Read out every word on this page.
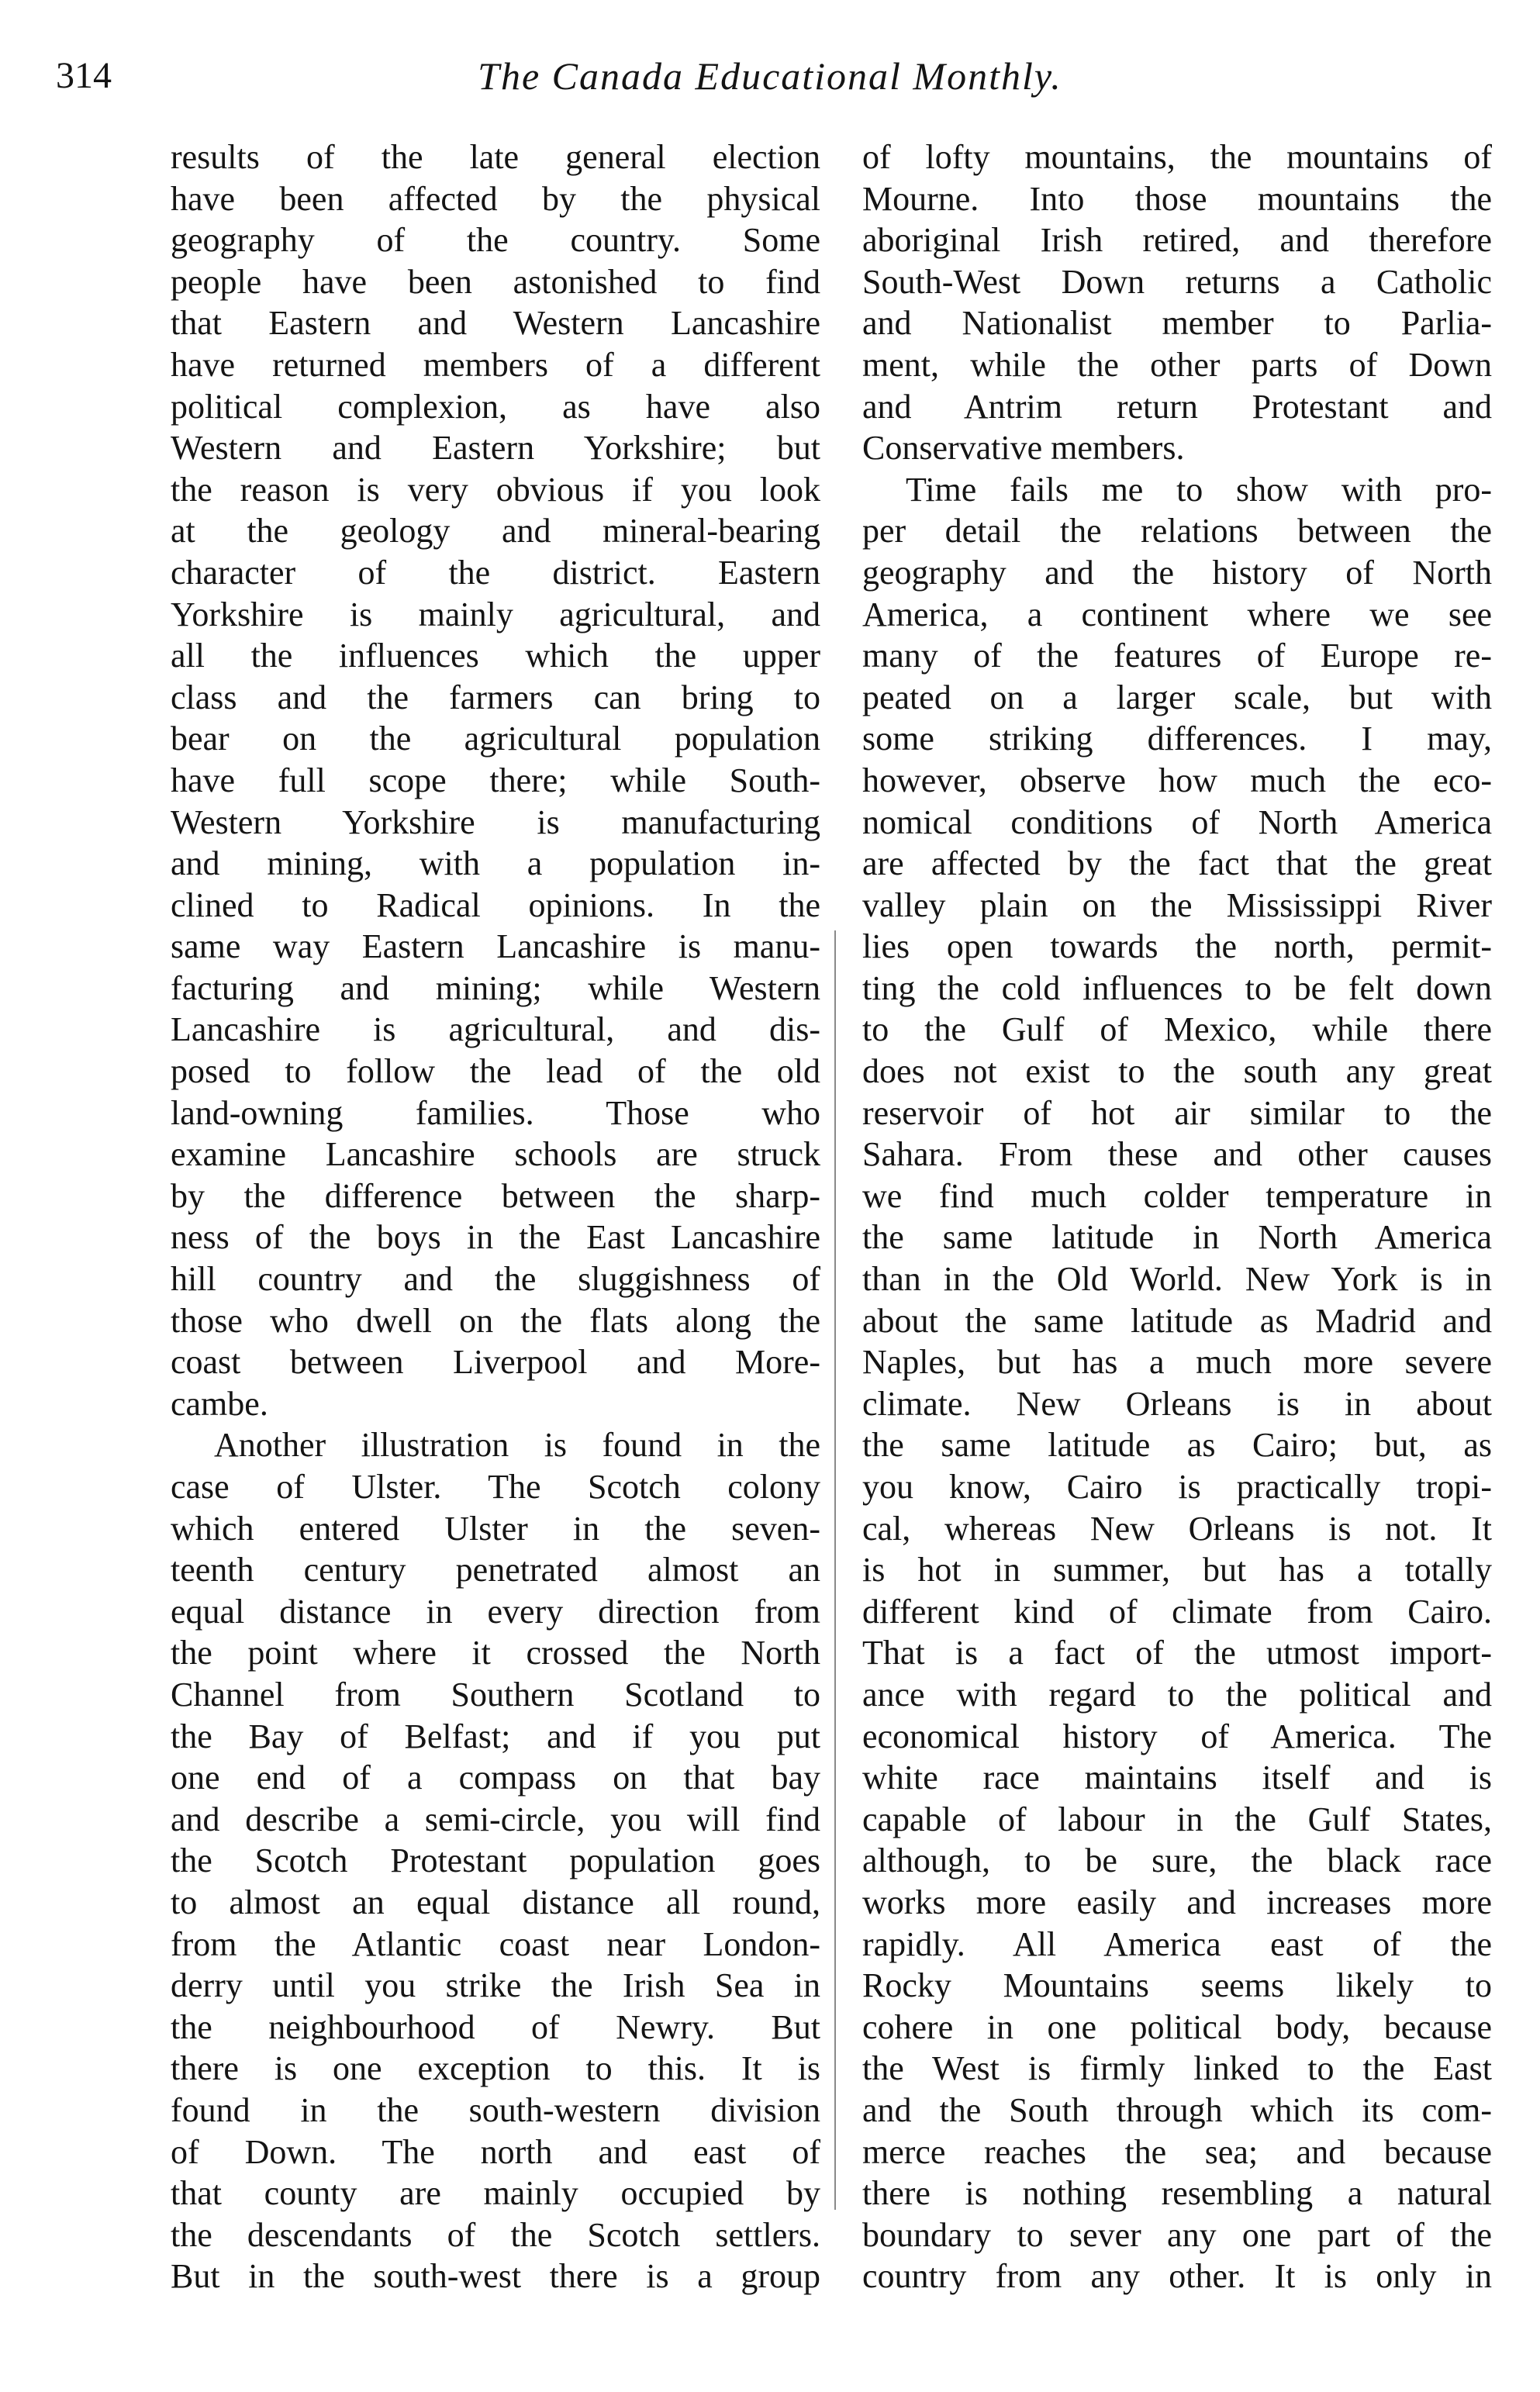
314	The Canada Educational Monthly.
results of the late general election
have been affected by the physical
geography of the country. Some
people have been astonished to find
that Eastern and Western Lancashire
have returned members of a different
political complexion, as have also
Western and Eastern Yorkshire; but
the reason is very obvious if you look
at the geology and mineral-bearing
character of the district. Eastern
Yorkshire is mainly agricultural, and
all the influences which the upper
class and the farmers can bring to
bear on the agricultural population
have full scope there; while South-
Western Yorkshire is manufacturing
and mining, with a population in-
clined to Radical opinions. In the
same way Eastern Lancashire is manu-
facturing and mining; while Western
Lancashire is agricultural, and dis-
posed to follow the lead of the old
land-owning families. Those who
examine Lancashire schools are struck
by the difference between the sharp-
ness of the boys in the East Lancashire
hill country and the sluggishness of
those who dwell on the flats along the
coast between Liverpool and More-
cambe.
Another illustration is found in the
case of Ulster. The Scotch colony
which entered Ulster in the seven-
teenth century penetrated almost an
equal distance in every direction from
the point where it crossed the North
Channel from Southern Scotland to
the Bay of Belfast; and if you put
one end of a compass on that bay
and describe a semi-circle, you will find
the Scotch Protestant population goes
to almost an equal distance all round,
from the Atlantic coast near London-
derry until you strike the Irish Sea in
the neighbourhood of Newry. But
there is one exception to this. It is
found in the south-western division
of Down. The north and east of
that county are mainly occupied by
the descendants of the Scotch settlers.
But in the south-west there is a group
of lofty mountains, the mountains of
Mourne. Into those mountains the
aboriginal Irish retired, and therefore
South-West Down returns a Catholic
and Nationalist member to Parlia-
ment, while the other parts of Down
and Antrim return Protestant and
Conservative members.
Time fails me to show with pro-
per detail the relations between the
geography and the history of North
America, a continent where we see
many of the features of Europe re-
peated on a larger scale, but with
some striking differences. I may,
however, observe how much the eco-
nomical conditions of North America
are affected by the fact that the great
valley plain on the Mississippi River
lies open towards the north, permit-
ting the cold influences to be felt down
to the Gulf of Mexico, while there
does not exist to the south any great
reservoir of hot air similar to the
Sahara. From these and other causes
we find much colder temperature in
the same latitude in North America
than in the Old World. New York is in
about the same latitude as Madrid and
Naples, but has a much more severe
climate. New Orleans is in about
the same latitude as Cairo; but, as
you know, Cairo is practically tropi-
cal, whereas New Orleans is not. It
is hot in summer, but has a totally
different kind of climate from Cairo.
That is a fact of the utmost import-
ance with regard to the political and
economical history of America. The
white race maintains itself and is
capable of labour in the Gulf States,
although, to be sure, the black race
works more easily and increases more
rapidly. All America east of the
Rocky Mountains seems likely to
cohere in one political body, because
the West is firmly linked to the East
and the South through which its com-
merce reaches the sea; and because
there is nothing resembling a natural
boundary to sever any one part of the
country from any other. It is only in
